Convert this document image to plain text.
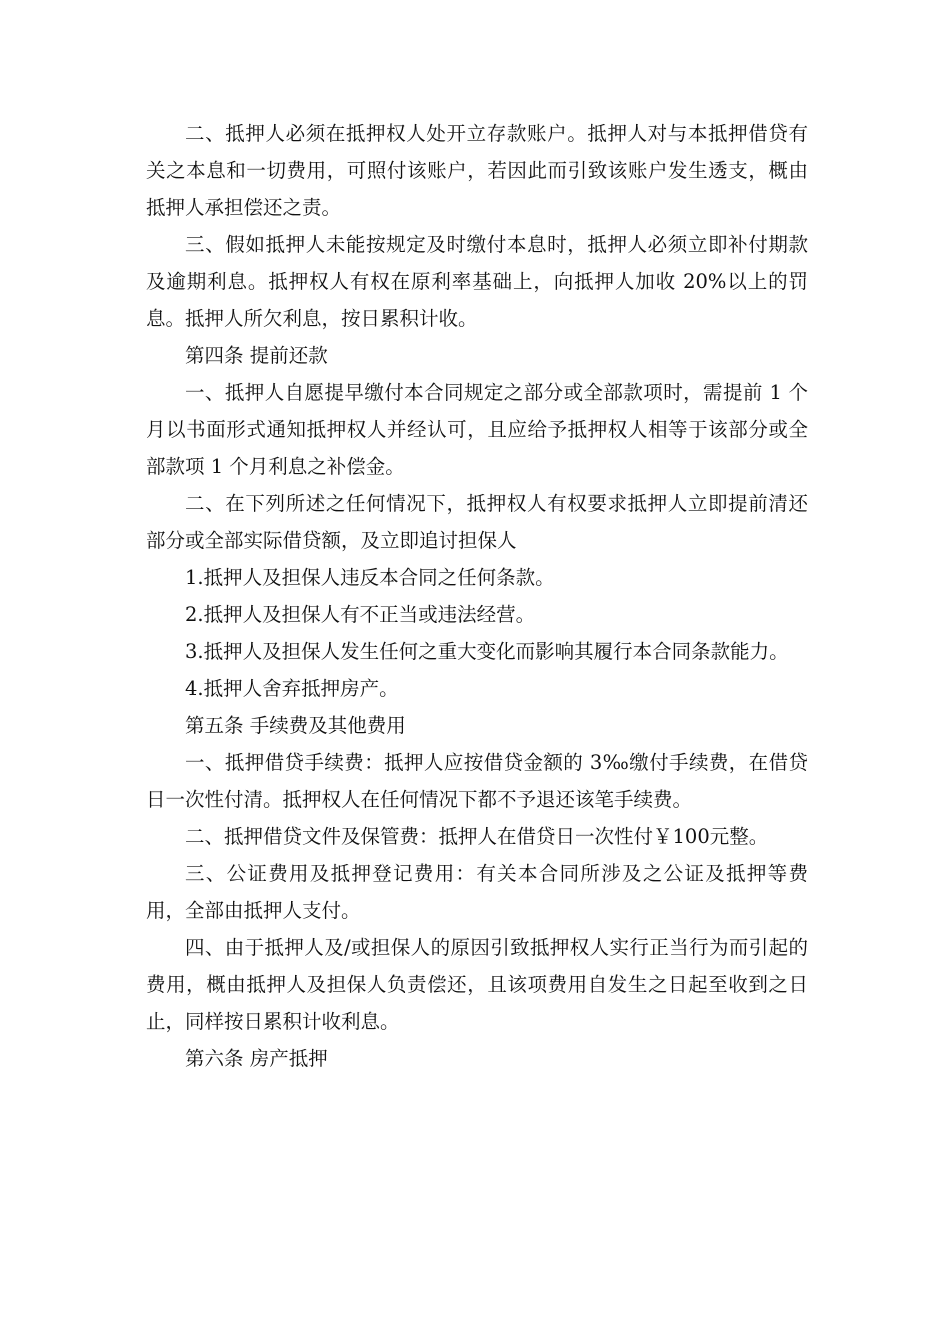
二、抵押人必须在抵押权人处开立存款账户。抵押人对与本抵押借贷有关之本息和一切费用，可照付该账户，若因此而引致该账户发生透支，概由抵押人承担偿还之责。

三、假如抵押人未能按规定及时缴付本息时，抵押人必须立即补付期款及逾期利息。抵押权人有权在原利率基础上，向抵押人加收 20%以上的罚息。抵押人所欠利息，按日累积计收。

第四条 提前还款

一、抵押人自愿提早缴付本合同规定之部分或全部款项时，需提前 1 个月以书面形式通知抵押权人并经认可，且应给予抵押权人相等于该部分或全部款项 1 个月利息之补偿金。

二、在下列所述之任何情况下，抵押权人有权要求抵押人立即提前清还部分或全部实际借贷额，及立即追讨担保人

1.抵押人及担保人违反本合同之任何条款。

2.抵押人及担保人有不正当或违法经营。

3.抵押人及担保人发生任何之重大变化而影响其履行本合同条款能力。

4.抵押人舍弃抵押房产。

第五条 手续费及其他费用

一、抵押借贷手续费：抵押人应按借贷金额的 3‰缴付手续费，在借贷日一次性付清。抵押权人在任何情况下都不予退还该笔手续费。

二、抵押借贷文件及保管费：抵押人在借贷日一次性付￥100元整。

三、公证费用及抵押登记费用：有关本合同所涉及之公证及抵押等费用，全部由抵押人支付。

四、由于抵押人及/或担保人的原因引致抵押权人实行正当行为而引起的费用，概由抵押人及担保人负责偿还，且该项费用自发生之日起至收到之日止，同样按日累积计收利息。

第六条 房产抵押
